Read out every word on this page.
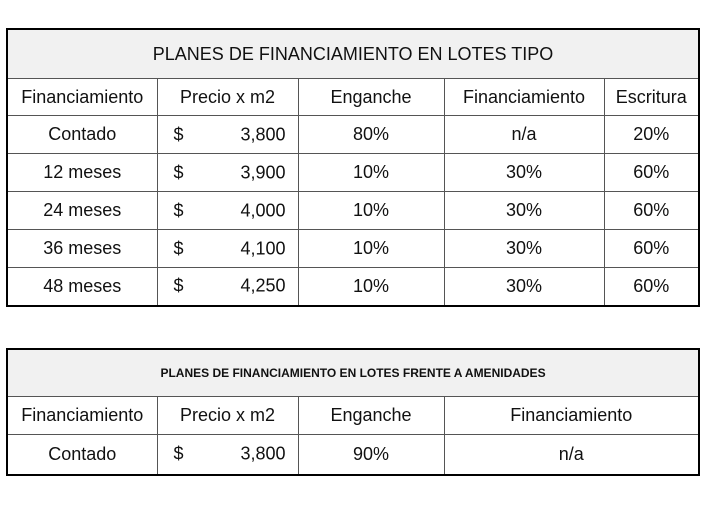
PLANES DE FINANCIAMIENTO EN LOTES TIPO				
Financiamiento	Precio x m2	Enganche	Financiamiento	Escritura
Contado	$ 3,800	80%	n/a	20%
12 meses	$ 3,900	10%	30%	60%
24 meses	$ 4,000	10%	30%	60%
36 meses	$ 4,100	10%	30%	60%
48 meses	$ 4,250	10%	30%	60%
PLANES DE FINANCIAMIENTO EN LOTES FRENTE A AMENIDADES			
Financiamiento	Precio x m2	Enganche	Financiamiento
Contado	$ 3,800	90%	n/a
